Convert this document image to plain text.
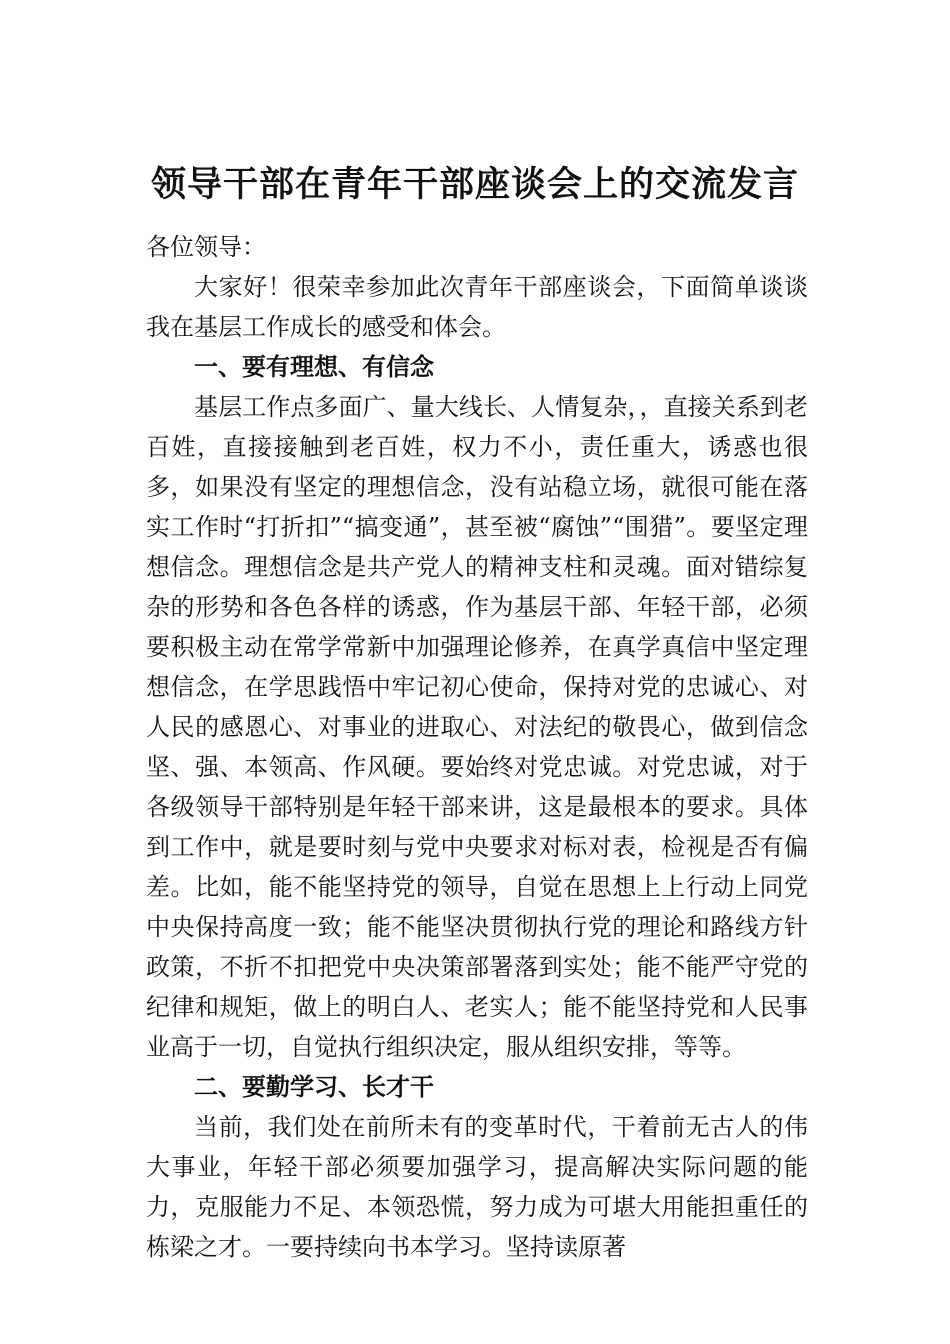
领导干部在青年干部座谈会上的交流发言

各位领导：

大家好！很荣幸参加此次青年干部座谈会，下面简单谈谈我在基层工作成长的感受和体会。

一、要有理想、有信念

基层工作点多面广、量大线长、人情复杂，，直接关系到老百姓，直接接触到老百姓，权力不小，责任重大，诱惑也很多，如果没有坚定的理想信念，没有站稳立场，就很可能在落实工作时“打折扣”“搞变通”，甚至被“腐蚀”“围猎”。要坚定理想信念。理想信念是共产党人的精神支柱和灵魂。面对错综复杂的形势和各色各样的诱惑，作为基层干部、年轻干部，必须要积极主动在常学常新中加强理论修养，在真学真信中坚定理想信念，在学思践悟中牢记初心使命，保持对党的忠诚心、对人民的感恩心、对事业的进取心、对法纪的敬畏心，做到信念坚、强、本领高、作风硬。要始终对党忠诚。对党忠诚，对于各级领导干部特别是年轻干部来讲，这是最根本的要求。具体到工作中，就是要时刻与党中央要求对标对表，检视是否有偏差。比如，能不能坚持党的领导，自觉在思想上上行动上同党中央保持高度一致；能不能坚决贯彻执行党的理论和路线方针政策，不折不扣把党中央决策部署落到实处；能不能严守党的纪律和规矩，做上的明白人、老实人；能不能坚持党和人民事业高于一切，自觉执行组织决定，服从组织安排，等等。

二、要勤学习、长才干

当前，我们处在前所未有的变革时代，干着前无古人的伟大事业，年轻干部必须要加强学习，提高解决实际问题的能力，克服能力不足、本领恐慌，努力成为可堪大用能担重任的栋梁之才。一要持续向书本学习。坚持读原著
